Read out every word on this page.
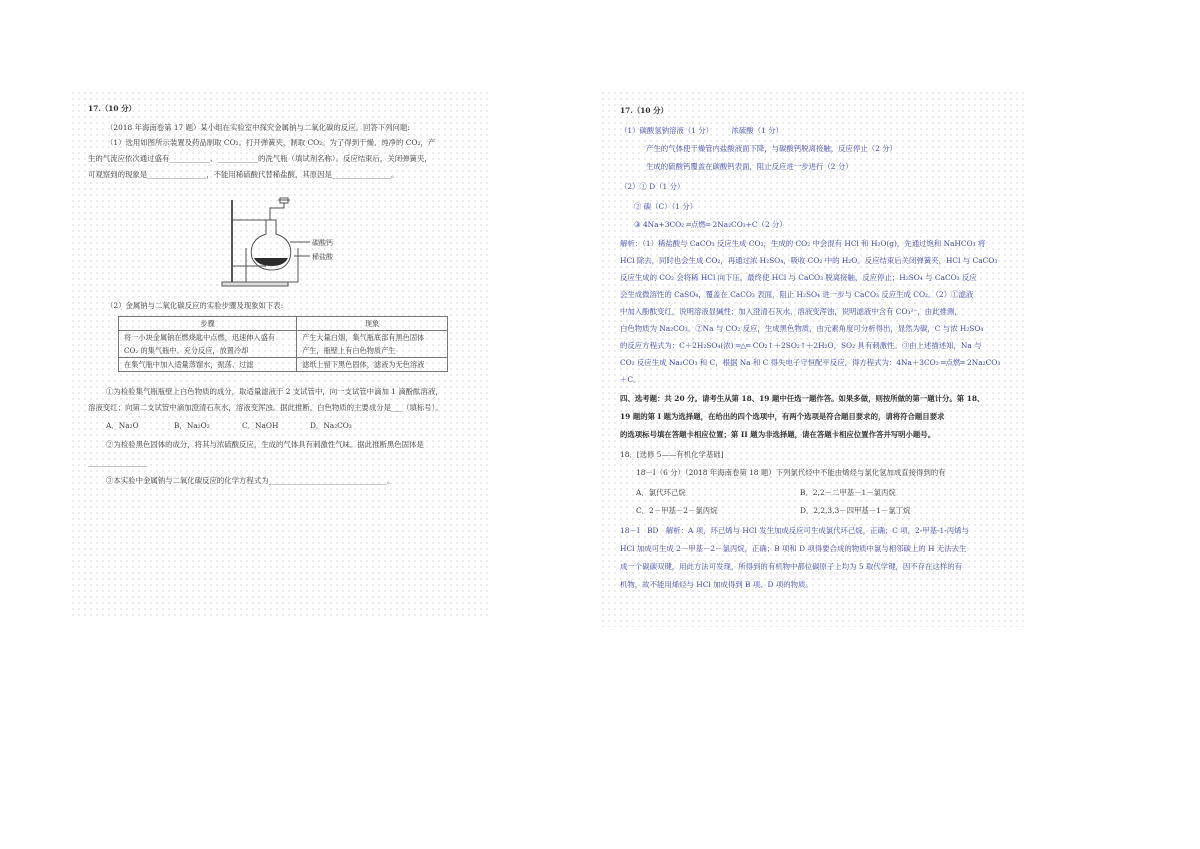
17.（10 分）
（2018 年海南卷第 17 题）某小组在实验室中探究金属钠与二氧化碳的反应。回答下列问题:
（1）选用如图所示装置及药品制取 CO₂。打开弹簧夹，制取 CO₂。为了得到干燥、纯净的 CO₂，产
生的气流应依次通过盛有___________、___________的洗气瓶（填试剂名称）。反应结束后，关闭弹簧夹，
可观察到的现象是________________，不能用稀硫酸代替稀盐酸，其原因是________________。
碳酸钙
稀盐酸
（2）金属钠与二氧化碳反应的实验步骤及现象如下表:
步骤	现象
将一小块金属钠在燃烧匙中点燃，迅速伸入盛有	产生大量白烟，集气瓶底部有黑色固体
CO₂ 的集气瓶中。充分反应，放置冷却	产生，瓶壁上有白色物质产生
在集气瓶中加入适量蒸馏水，振荡、过滤	滤纸上留下黑色固体，滤液为无色溶液
①为检验集气瓶瓶壁上白色物质的成分，取适量滤液于 2 支试管中，向一支试管中滴加 1 滴酚酞溶液，
溶液变红；向第二支试管中滴加澄清石灰水，溶液变浑浊。据此推断，白色物质的主要成分是___（填标号）。
A．Na₂O	B．Na₂O₂	C．NaOH	D．Na₂CO₃
②为检验黑色固体的成分，将其与浓硫酸反应，生成的气体具有刺激性气味。据此推断黑色固体是
________________
③本实验中金属钠与二氧化碳反应的化学方程式为________________________________。
17.（10 分）
（1）碳酸氢钠溶液（1 分）　　　浓硫酸（1 分）
产生的气体使干燥管内盐酸液面下降，与碳酸钙脱离接触，反应停止（2 分）
生成的硫酸钙覆盖在碳酸钙表面，阻止反应进一步进行（2 分）
（2）① D（1 分）
② 碳（C）（1 分）
③ 4Na+3CO₂ ═点燃═ 2Na₂CO₃+C（2 分）
解析：（1）稀盐酸与 CaCO₃ 反应生成 CO₂，生成的 CO₂ 中会混有 HCl 和 H₂O(g)，先通过饱和 NaHCO₃ 将
HCl 除去，同时也会生成 CO₂，再通过浓 H₂SO₄，吸收 CO₂ 中的 H₂O。反应结束后关闭弹簧夹，HCl 与 CaCO₃
反应生成的 CO₂ 会将稀 HCl 向下压，最终使 HCl 与 CaCO₃ 脱离接触，反应停止；H₂SO₄ 与 CaCO₃ 反应
会生成微溶性的 CaSO₄，覆盖在 CaCO₃ 表面，阻止 H₂SO₄ 进一步与 CaCO₃ 反应生成 CO₂。（2）①滤液
中加入酚酞变红，说明溶液显碱性；加入澄清石灰水，溶液变浑浊，说明滤液中含有 CO₃²⁻，由此推测，
白色物质为 Na₂CO₃。②Na 与 CO₂ 反应，生成黑色物质，由元素角度可分析得出，显然为碳，C 与浓 H₂SO₄
的反应方程式为：C＋2H₂SO₄(浓) ═△═ CO₂↑＋2SO₂↑＋2H₂O，SO₂ 具有刺激性。③由上述描述知，Na 与
CO₂ 反应生成 Na₂CO₃ 和 C，根据 Na 和 C 得失电子守恒配平反应，得方程式为：4Na＋3CO₂ ═点燃═ 2Na₂CO₃
＋C。
四、选考题：共 20 分。请考生从第 18、19 题中任选一题作答。如果多做，则按所做的第一题计分。第 18、
19 题的第 I 题为选择题，在给出的四个选项中，有两个选项是符合题目要求的，请将符合题目要求
的选项标号填在答题卡相应位置；第 II 题为非选择题，请在答题卡相应位置作答并写明小题号。
18．[选修 5——有机化学基础]
18－Ⅰ（6 分）（2018 年海南卷第 18 题）下列氯代烃中不能由烯烃与氯化氢加成直接得到的有
A．氯代环己烷	B．2,2－二甲基－1－氯丙烷
C．2－甲基－2－氯丙烷	D．2,2,3,3－四甲基－1－氯丁烷
18－Ⅰ　BD　解析：A 项，环己烯与 HCl 发生加成反应可生成氯代环己烷，正确；C 项，2-甲基-1-丙烯与
HCl 加成可生成 2－甲基－2－氯丙烷，正确；B 项和 D 项得要合成的物质中氯与相邻碳上的 H 无法去生
成一个碳碳双键，用此方法可发现，所得到的有机物中都位碳原子上均为 5 取代学键，因不存在这样的有
机物，故不能用烯烃与 HCl 加成得到 B 项、D 项的物质。
